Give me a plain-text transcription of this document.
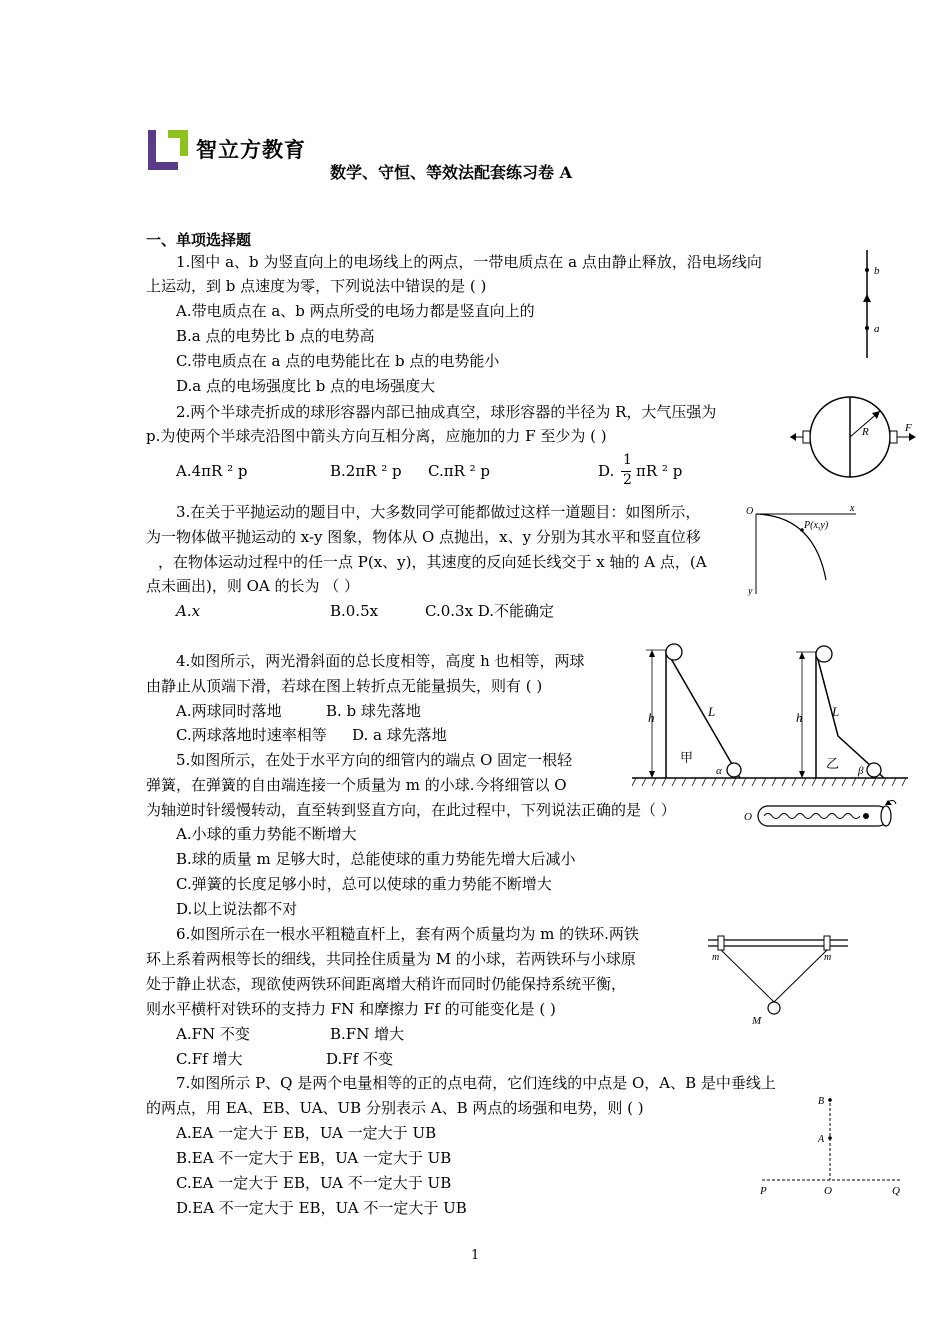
智立方教育
数学、守恒、等效法配套练习卷 A
一、单项选择题
1.图中 a、b 为竖直向上的电场线上的两点，一带电质点在 a 点由静止释放，沿电场线向
上运动，到 b 点速度为零，下列说法中错误的是 ( )
A.带电质点在 a、b 两点所受的电场力都是竖直向上的
B.a 点的电势比 b 点的电势高
C.带电质点在 a 点的电势能比在 b 点的电势能小
D.a 点的电场强度比 b 点的电场强度大
b
a
2.两个半球壳折成的球形容器内部已抽成真空，球形容器的半径为 R，大气压强为
p.为使两个半球壳沿图中箭头方向互相分离，应施加的力 F 至少为 ( )
A.4πR ² p	B.2πR ² p C.πR ² p	D.
1
2 πR ² p
R	F
3.在关于平抛运动的题目中，大多数同学可能都做过这样一道题目：如图所示，
为一物体做平抛运动的 x-y 图象，物体从 O 点抛出，x、y 分别为其水平和竖直位移
，在物体运动过程中的任一点 P(x、y)，其速度的反向延长线交于 x 轴的 A 点，(A
点未画出)，则 OA 的长为 （ ）
A.x	B.0.5x	C.0.3x D.不能确定
O	x
y
P(x,y)
4.如图所示，两光滑斜面的总长度相等，高度 h 也相等，两球
由静止从顶端下滑，若球在图上转折点无能量损失，则有 ( )
A.两球同时落地	B. b 球先落地
C.两球落地时速率相等 D. a 球先落地
h	L
甲
α
h L
乙 β
5.如图所示，在处于水平方向的细管内的端点 O 固定一根轻
弹簧，在弹簧的自由端连接一个质量为 m 的小球.今将细管以 O
为轴逆时针缓慢转动，直至转到竖直方向，在此过程中，下列说法正确的是（ ）
A.小球的重力势能不断增大
B.球的质量 m 足够大时，总能使球的重力势能先增大后减小
C.弹簧的长度足够小时，总可以使球的重力势能不断增大
D.以上说法都不对
O
6.如图所示在一根水平粗糙直杆上，套有两个质量均为 m 的铁环.两铁
环上系着两根等长的细线，共同拴住质量为 M 的小球，若两铁环与小球原
处于静止状态，现欲使两铁环间距离增大稍许而同时仍能保持系统平衡，
则水平横杆对铁环的支持力 FN 和摩擦力 Ff 的可能变化是 ( )
A.FN 不变	B.FN 增大
C.Ff 增大	D.Ff 不变
m	m
M
7.如图所示 P、Q 是两个电量相等的正的点电荷，它们连线的中点是 O，A、B 是中垂线上
的两点，用 EA、EB、UA、UB 分别表示 A、B 两点的场强和电势，则 ( )
A.EA 一定大于 EB，UA 一定大于 UB
B.EA 不一定大于 EB，UA 一定大于 UB
C.EA 一定大于 EB，UA 不一定大于 UB
D.EA 不一定大于 EB，UA 不一定大于 UB
B
A
P	O	Q
1
